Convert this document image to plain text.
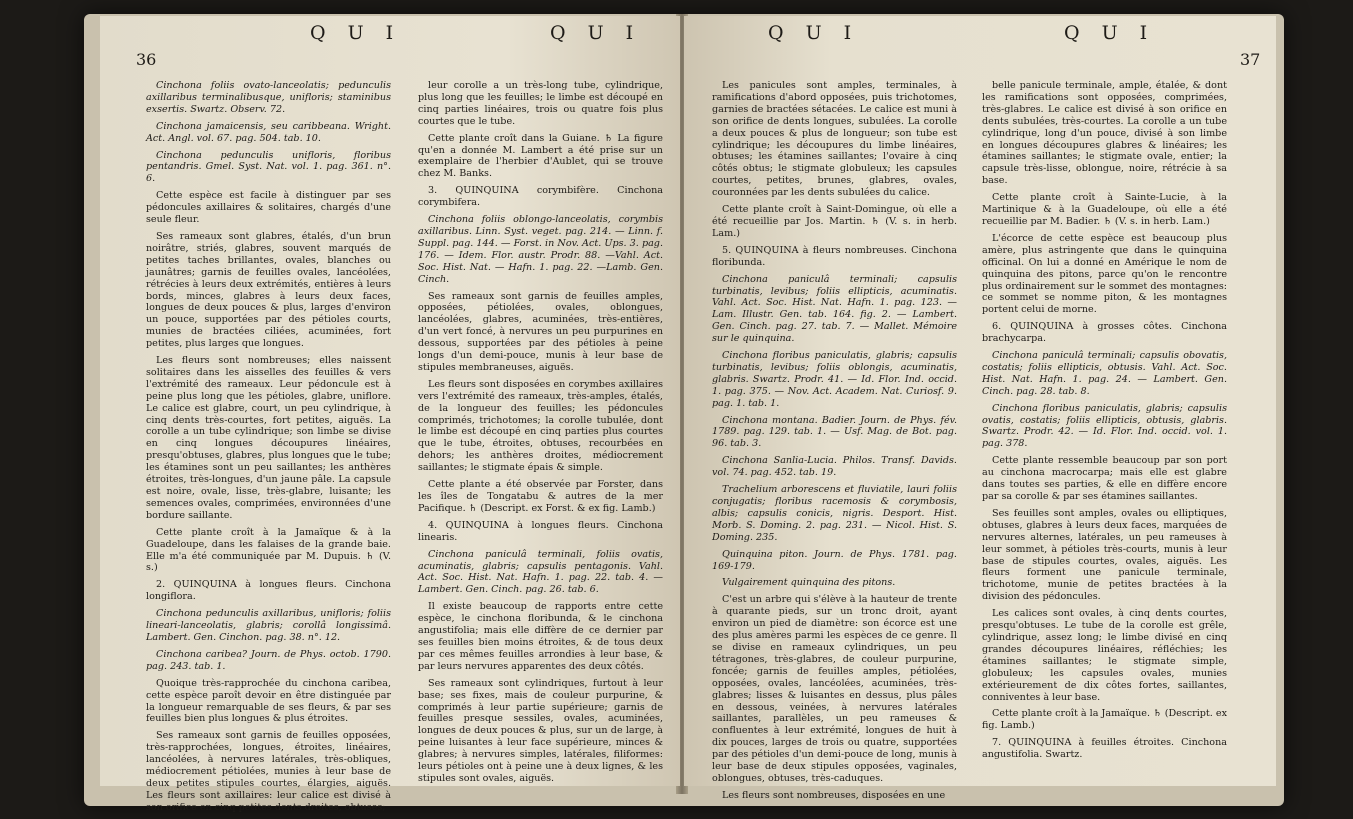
36
Q U I	Q U I

Cinchona foliis ovato-lanceolatis; pedunculis axillaribus terminalibusque, unifloris; staminibus exsertis. Swartz. Observ. 72.

Cinchona jamaicensis, seu caribbeana. Wright. Act. Angl. vol. 67. pag. 504. tab. 10.

Cinchona pedunculis unifloris, floribus pentandris. Gmel. Syst. Nat. vol. 1. pag. 361. n°. 6.

Cette espèce est facile à distinguer par ses pédoncules axillaires & solitaires, chargés d'une seule fleur.

Ses rameaux sont glabres, étalés, d'un brun noirâtre, striés, glabres, souvent marqués de petites taches brillantes, ovales, blanches ou jaunâtres; garnis de feuilles ovales, lancéolées, rétrécies à leurs deux extrémités, entières à leurs bords, minces, glabres à leurs deux faces, longues de deux pouces & plus, larges d'environ un pouce, supportées par des pétioles courts, munies de bractées ciliées, acuminées, fort petites, plus larges que longues.

Les fleurs sont nombreuses; elles naissent solitaires dans les aisselles des feuilles & vers l'extrémité des rameaux. Leur pédoncule est à peine plus long que les pétioles, glabre, uniflore. Le calice est glabre, court, un peu cylindrique, à cinq dents très-courtes, fort petites, aiguës. La corolle a un tube cylindrique; son limbe se divise en cinq longues découpures linéaires, presqu'obtuses, glabres, plus longues que le tube; les étamines sont un peu saillantes; les anthères étroites, très-longues, d'un jaune pâle. La capsule est noire, ovale, lisse, très-glabre, luisante; les semences ovales, comprimées, environnées d'une bordure saillante.

Cette plante croît à la Jamaïque & à la Guadeloupe, dans les falaises de la grande baie. Elle m'a été communiquée par M. Dupuis. ♄ (V. s.)

2. QUINQUINA à longues fleurs. Cinchona longiflora.

Cinchona pedunculis axillaribus, unifloris; foliis lineari-lanceolatis, glabris; corollâ longissimâ. Lambert. Gen. Cinchon. pag. 38. n°. 12.

Cinchona caribea? Journ. de Phys. octob. 1790. pag. 243. tab. 1.

Quoique très-rapprochée du cinchona caribea, cette espèce paroît devoir en être distinguée par la longueur remarquable de ses fleurs, & par ses feuilles bien plus longues & plus étroites.

Ses rameaux sont garnis de feuilles opposées, très-rapprochées, longues, étroites, linéaires, lancéolées, à nervures latérales, très-obliques, médiocrement pétiolées, munies à leur base de deux petites stipules courtes, élargies, aiguës. Les fleurs sont axillaires: leur calice est divisé à son orifice en cinq petites dents droites, obtuses;

leur corolle a un très-long tube, cylindrique, plus long que les feuilles; le limbe est découpé en cinq parties linéaires, trois ou quatre fois plus courtes que le tube.

Cette plante croît dans la Guiane. ♄ La figure qu'en a donnée M. Lambert a été prise sur un exemplaire de l'herbier d'Aublet, qui se trouve chez M. Banks.

3. QUINQUINA corymbifère. Cinchona corymbifera.

Cinchona foliis oblongo-lanceolatis, corymbis axillaribus. Linn. Syst. veget. pag. 214. — Linn. f. Suppl. pag. 144. — Forst. in Nov. Act. Ups. 3. pag. 176. — Idem. Flor. austr. Prodr. 88. —Vahl. Act. Soc. Hist. Nat. — Hafn. 1. pag. 22. —Lamb. Gen. Cinch.

Ses rameaux sont garnis de feuilles amples, opposées, pétiolées, ovales, oblongues, lancéolées, glabres, acuminées, très-entières, d'un vert foncé, à nervures un peu purpurines en dessous, supportées par des pétioles à peine longs d'un demi-pouce, munis à leur base de stipules membraneuses, aiguës.

Les fleurs sont disposées en corymbes axillaires vers l'extrémité des rameaux, très-amples, étalés, de la longueur des feuilles; les pédoncules comprimés, trichotomes; la corolle tubulée, dont le limbe est découpé en cinq parties plus courtes que le tube, étroites, obtuses, recourbées en dehors; les anthères droites, médiocrement saillantes; le stigmate épais & simple.

Cette plante a été observée par Forster, dans les îles de Tongatabu & autres de la mer Pacifique. ♄ (Descript. ex Forst. & ex fig. Lamb.)

4. QUINQUINA à longues fleurs. Cinchona linearis.

Cinchona paniculâ terminali, foliis ovatis, acuminatis, glabris; capsulis pentagonis. Vahl. Act. Soc. Hist. Nat. Hafn. 1. pag. 22. tab. 4. — Lambert. Gen. Cinch. pag. 26. tab. 6.

Il existe beaucoup de rapports entre cette espèce, le cinchona floribunda, & le cinchona angustifolia; mais elle diffère de ce dernier par ses feuilles bien moins étroites, & de tous deux par ces mêmes feuilles arrondies à leur base, & par leurs nervures apparentes des deux côtés.

Ses rameaux sont cylindriques, furtout à leur base; ses fixes, mais de couleur purpurine, & comprimés à leur partie supérieure; garnis de feuilles presque sessiles, ovales, acuminées, longues de deux pouces & plus, sur un de large, à peine luisantes à leur face supérieure, minces & glabres; à nervures simples, latérales, filiformes: leurs pétioles ont à peine une à deux lignes, & les stipules sont ovales, aiguës.

37
Q U I	Q U I

Les panicules sont amples, terminales, à ramifications d'abord opposées, puis trichotomes, garnies de bractées sétacées. Le calice est muni à son orifice de dents longues, subulées. La corolle a deux pouces & plus de longueur; son tube est cylindrique; les découpures du limbe linéaires, obtuses; les étamines saillantes; l'ovaire à cinq côtés obtus; le stigmate globuleux; les capsules courtes, petites, brunes, glabres, ovales, couronnées par les dents subulées du calice.

Cette plante croît à Saint-Domingue, où elle a été recueillie par Jos. Martin. ♄ (V. s. in herb. Lam.)

5. QUINQUINA à fleurs nombreuses. Cinchona floribunda.

Cinchona paniculâ terminali; capsulis turbinatis, levibus; foliis ellipticis, acuminatis. Vahl. Act. Soc. Hist. Nat. Hafn. 1. pag. 123. — Lam. Illustr. Gen. tab. 164. fig. 2. — Lambert. Gen. Cinch. pag. 27. tab. 7. — Mallet. Mémoire sur le quinquina.

Cinchona floribus paniculatis, glabris; capsulis turbinatis, levibus; foliis oblongis, acuminatis, glabris. Swartz. Prodr. 41. — Id. Flor. Ind. occid. 1. pag. 375. — Nov. Act. Academ. Nat. Curiosf. 9. pag. 1. tab. 1.

Cinchona montana. Badier. Journ. de Phys. fév. 1789. pag. 129. tab. 1. — Usf. Mag. de Bot. pag. 96. tab. 3.

Cinchona Sanlia-Lucia. Philos. Transf. Davids. vol. 74. pag. 452. tab. 19.

Trachelium arborescens et fluviatile, lauri foliis conjugatis; floribus racemosis & corymbosis, albis; capsulis conicis, nigris. Desport. Hist. Morb. S. Doming. 2. pag. 231. — Nicol. Hist. S. Doming. 235.

Quinquina piton. Journ. de Phys. 1781. pag. 169-179.

Vulgairement quinquina des pitons.

C'est un arbre qui s'élève à la hauteur de trente à quarante pieds, sur un tronc droit, ayant environ un pied de diamètre: son écorce est une des plus amères parmi les espèces de ce genre. Il se divise en rameaux cylindriques, un peu tétragones, très-glabres, de couleur purpurine, foncée; garnis de feuilles amples, pétiolées, opposées, ovales, lancéolées, acuminées, très-glabres; lisses & luisantes en dessus, plus pâles en dessous, veinées, à nervures latérales saillantes, parallèles, un peu rameuses & confluentes à leur extrémité, longues de huit à dix pouces, larges de trois ou quatre, supportées par des pétioles d'un demi-pouce de long, munis à leur base de deux stipules opposées, vaginales, oblongues, obtuses, très-caduques.

Les fleurs sont nombreuses, disposées en une

belle panicule terminale, ample, étalée, & dont les ramifications sont opposées, comprimées, très-glabres. Le calice est divisé à son orifice en dents subulées, très-courtes. La corolle a un tube cylindrique, long d'un pouce, divisé à son limbe en longues découpures glabres & linéaires; les étamines saillantes; le stigmate ovale, entier; la capsule très-lisse, oblongue, noire, rétrécie à sa base.

Cette plante croît à Sainte-Lucie, à la Martinique & à la Guadeloupe, où elle a été recueillie par M. Badier. ♄ (V. s. in herb. Lam.)

L'écorce de cette espèce est beaucoup plus amère, plus astringente que dans le quinquina officinal. On lui a donné en Amérique le nom de quinquina des pitons, parce qu'on le rencontre plus ordinairement sur le sommet des montagnes: ce sommet se nomme piton, & les montagnes portent celui de morne.

6. QUINQUINA à grosses côtes. Cinchona brachycarpa.

Cinchona paniculâ terminali; capsulis obovatis, costatis; foliis ellipticis, obtusis. Vahl. Act. Soc. Hist. Nat. Hafn. 1. pag. 24. — Lambert. Gen. Cinch. pag. 28. tab. 8.

Cinchona floribus paniculatis, glabris; capsulis ovatis, costatis; foliis ellipticis, obtusis, glabris. Swartz. Prodr. 42. — Id. Flor. Ind. occid. vol. 1. pag. 378.

Cette plante ressemble beaucoup par son port au cinchona macrocarpa; mais elle est glabre dans toutes ses parties, & elle en diffère encore par sa corolle & par ses étamines saillantes.

Ses feuilles sont amples, ovales ou elliptiques, obtuses, glabres à leurs deux faces, marquées de nervures alternes, latérales, un peu rameuses à leur sommet, à pétioles très-courts, munis à leur base de stipules courtes, ovales, aiguës. Les fleurs forment une panicule terminale, trichotome, munie de petites bractées à la division des pédoncules.

Les calices sont ovales, à cinq dents courtes, presqu'obtuses. Le tube de la corolle est grêle, cylindrique, assez long; le limbe divisé en cinq grandes découpures linéaires, réfléchies; les étamines saillantes; le stigmate simple, globuleux; les capsules ovales, munies extérieurement de dix côtes fortes, saillantes, conniventes à leur base.

Cette plante croît à la Jamaïque. ♄ (Descript. ex fig. Lamb.)

7. QUINQUINA à feuilles étroites. Cinchona angustifolia. Swartz.
